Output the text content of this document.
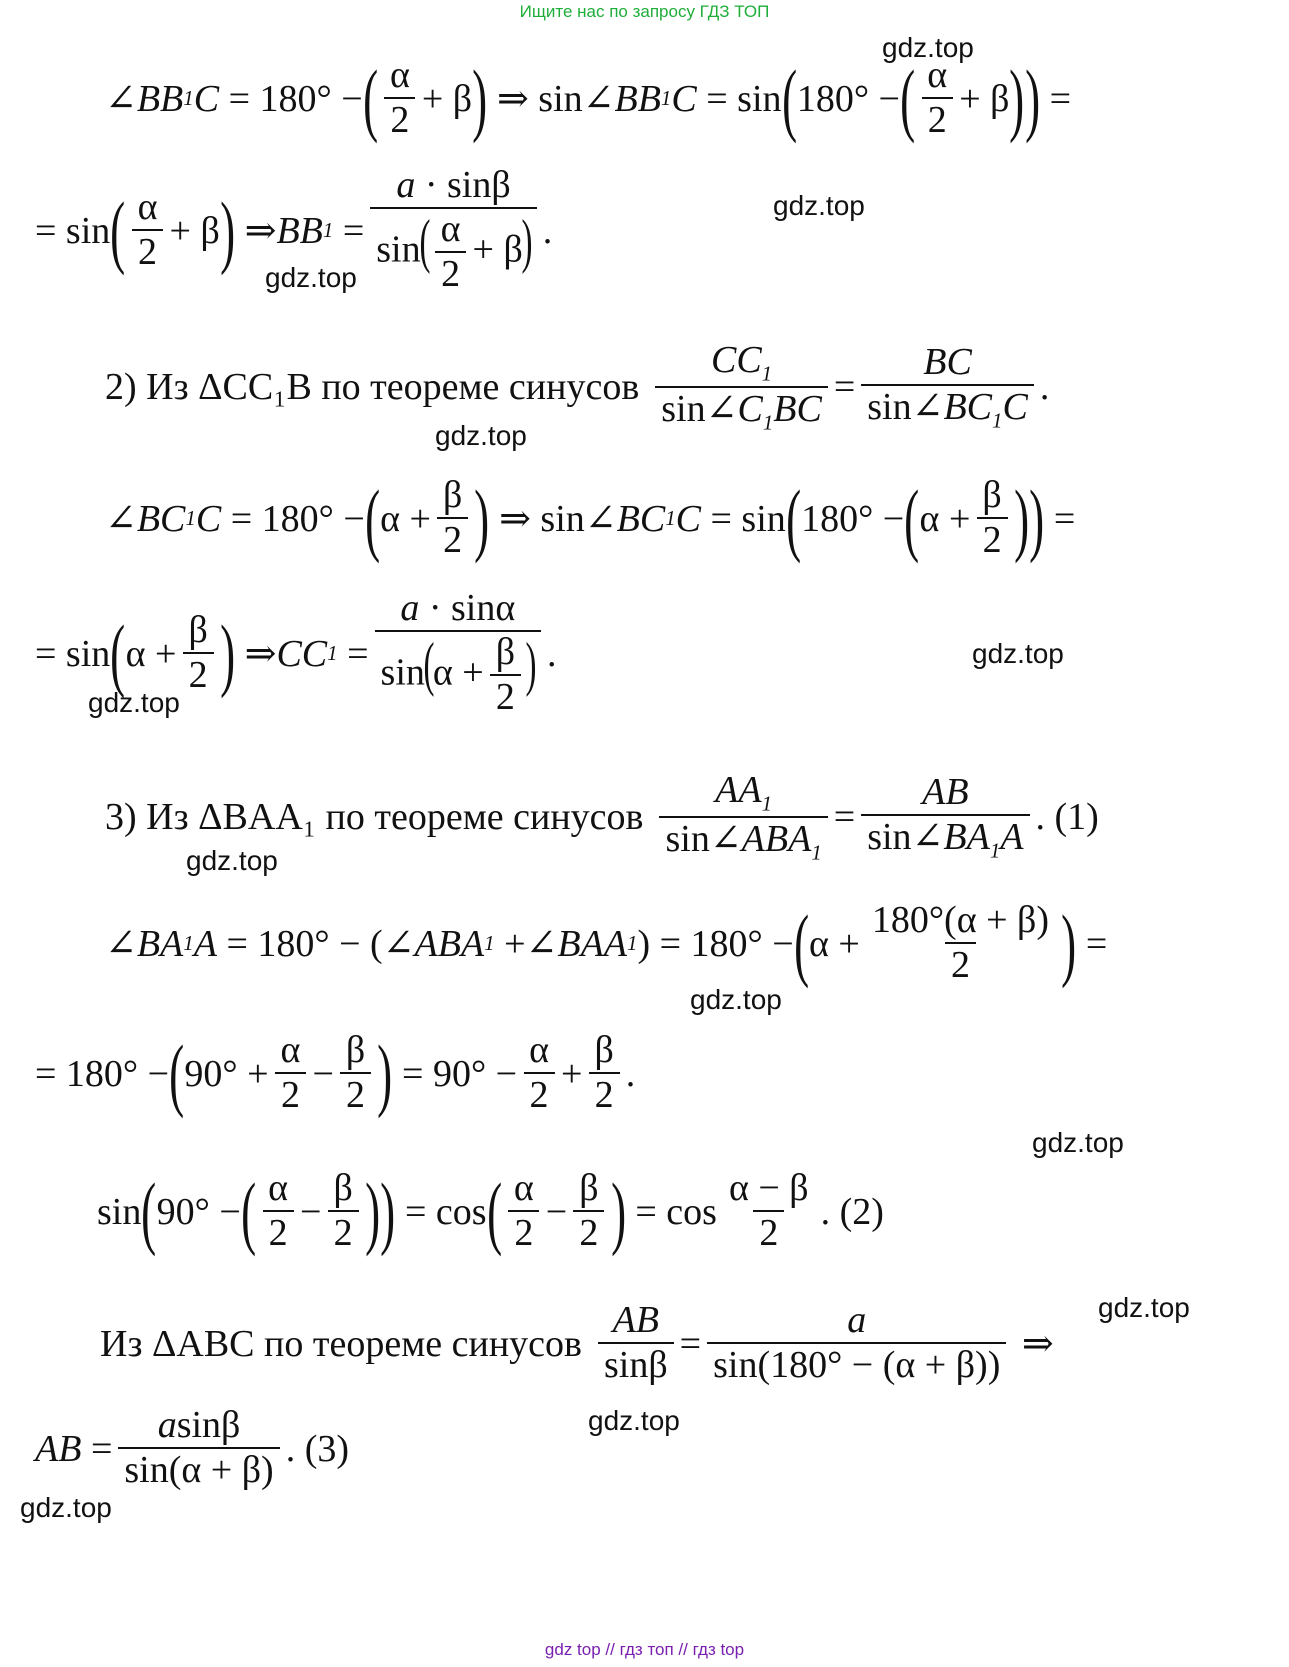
Ищите нас по запросу ГДЗ ТОП
∠BB 1 C = 180° − ( $\frac{\alpha}{2} + \beta$ ) ⇒ sin ∠BB 1 C = sin ( 180° − ( $\frac{\alpha}{2} + \beta$ ) ) =
= sin ( $\frac{\alpha}{2} + \beta$ ) ⇒ BB $1 = \frac{a \cdot \sin\beta}{\sin( \frac{\alpha}{2} + \beta)}$ .
2) Из ΔCC₁B по теореме синусов $\frac{CC_1}{\sin\angle C_1BC} = \frac{BC}{\sin\angle BC_1C}$ .
∠BC 1 C = 180° − ( $\alpha + \frac{\beta}{2}$ ) ⇒ sin ∠BC 1 C = sin ( 180° − ( $\alpha + \frac{\beta}{2}$ ) ) =
= sin ( $\alpha + \frac{\beta}{2}$ ) ⇒ CC $1 = \frac{a \cdot \sin\alpha}{\sin(\alpha + \frac{\beta}{2} )}$ .
3) Из ΔBAA₁ по теореме синусов $\frac{AA_1}{\sin\angle ABA_1} = \frac{AB}{\sin\angle BA_1A}$ . (1)
∠BA 1 A = 180° − ( ∠ABA 1 + ∠BAA 1 ) = 180° − ( $\alpha + \frac{180^\circ(\alpha + \beta)}{2}$ ) =
= 180° − ( $90^\circ + \frac{\alpha}{2} - \frac{\beta}{2}$ ) = $90^\circ - \frac{\alpha}{2} + \frac{\beta}{2}$ .
sin ( 90° − ( $\frac{\alpha}{2} - \frac{\beta}{2}$ ) ) = cos ( $\frac{\alpha}{2} - \frac{\beta}{2}$ ) = $\cos \frac{\alpha - \beta}{2}$ . (2)
Из ΔABC по теореме синусов $\frac{AB}{\sin\beta} = \frac{a}{\sin(180^\circ - (\alpha + \beta))}$ ⇒
AB = $\frac{asin\beta}{\sin(\alpha + \beta)}$ . (3)
gdz.top
gdz.top
gdz.top
gdz.top
gdz.top
gdz.top
gdz.top
gdz.top
gdz.top
gdz.top
gdz.top
gdz.top
gdz top // гдз топ // гдз top
